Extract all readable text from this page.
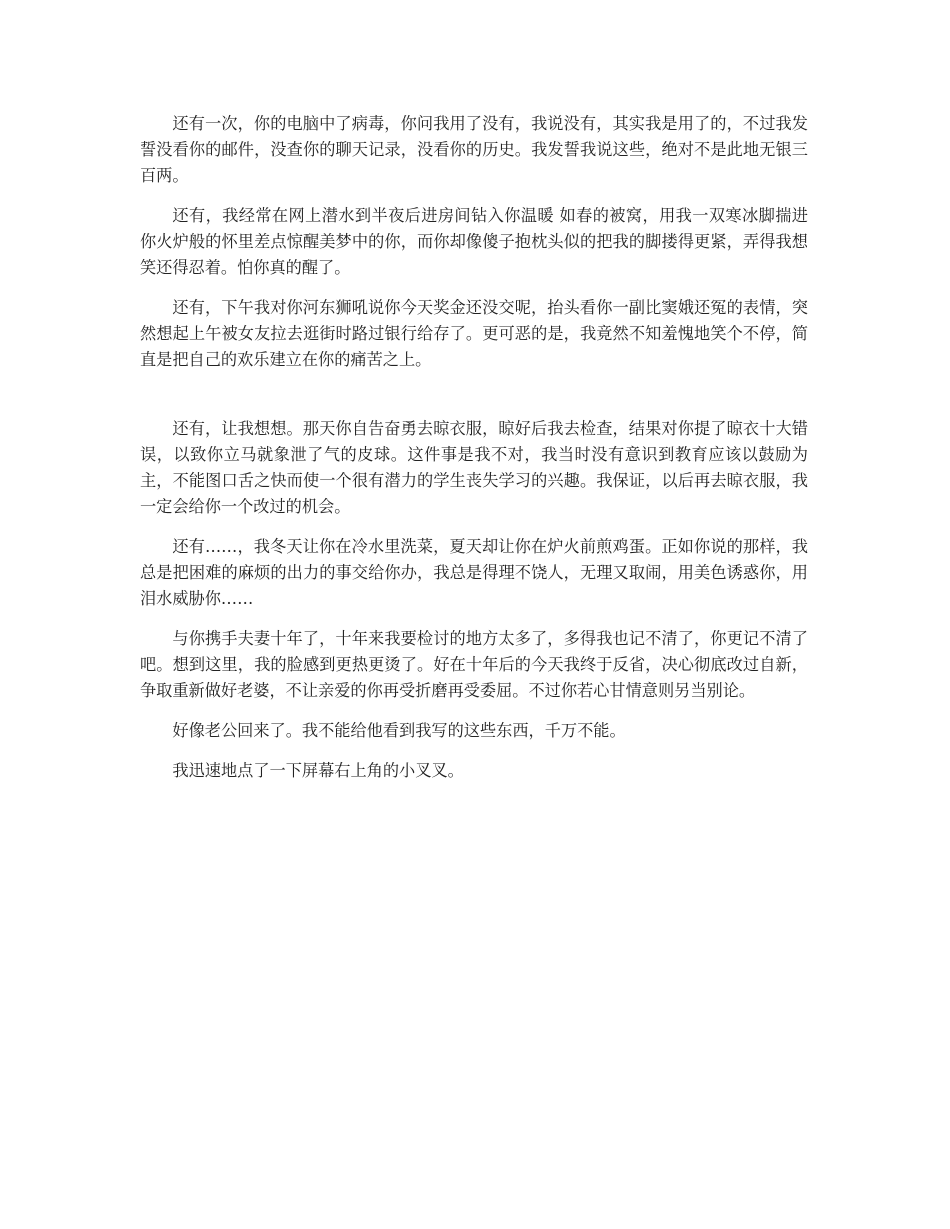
还有一次，你的电脑中了病毒，你问我用了没有，我说没有，其实我是用了的，不过我发誓没看你的邮件，没查你的聊天记录，没看你的历史。我发誓我说这些，绝对不是此地无银三百两。

还有，我经常在网上潜水到半夜后进房间钻入你温暖 如春的被窝，用我一双寒冰脚揣进你火炉般的怀里差点惊醒美梦中的你，而你却像傻子抱枕头似的把我的脚搂得更紧，弄得我想笑还得忍着。怕你真的醒了。

还有，下午我对你河东狮吼说你今天奖金还没交呢，抬头看你一副比窦娥还冤的表情，突然想起上午被女友拉去逛街时路过银行给存了。更可恶的是，我竟然不知羞愧地笑个不停，简直是把自己的欢乐建立在你的痛苦之上。

还有，让我想想。那天你自告奋勇去晾衣服，晾好后我去检查，结果对你提了晾衣十大错误，以致你立马就象泄了气的皮球。这件事是我不对，我当时没有意识到教育应该以鼓励为主，不能图口舌之快而使一个很有潜力的学生丧失学习的兴趣。我保证，以后再去晾衣服，我一定会给你一个改过的机会。

还有……，我冬天让你在冷水里洗菜，夏天却让你在炉火前煎鸡蛋。正如你说的那样，我总是把困难的麻烦的出力的事交给你办，我总是得理不饶人，无理又取闹，用美色诱惑你，用泪水威胁你……

与你携手夫妻十年了，十年来我要检讨的地方太多了，多得我也记不清了，你更记不清了吧。想到这里，我的脸感到更热更烫了。好在十年后的今天我终于反省，决心彻底改过自新，争取重新做好老婆，不让亲爱的你再受折磨再受委屈。不过你若心甘情意则另当别论。

好像老公回来了。我不能给他看到我写的这些东西，千万不能。

我迅速地点了一下屏幕右上角的小叉叉。
